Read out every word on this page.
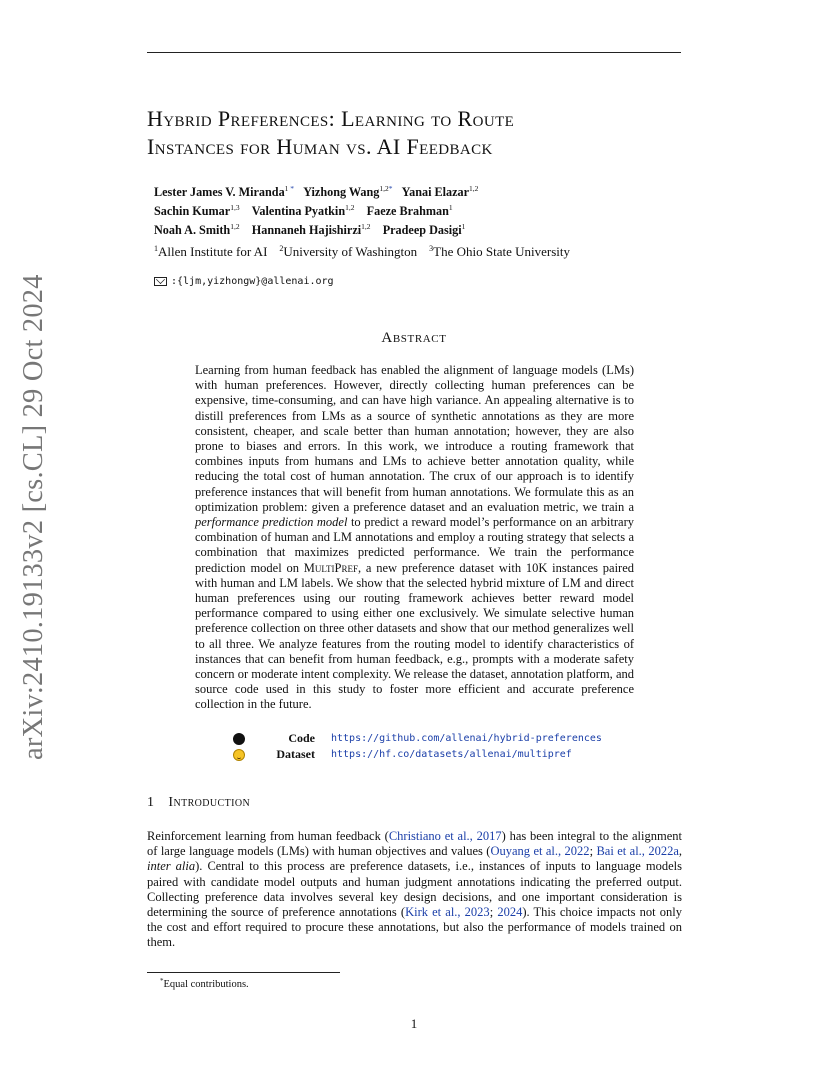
arXiv:2410.19133v2 [cs.CL] 29 Oct 2024
Hybrid Preferences: Learning to Route
Instances for Human vs. AI Feedback
Lester James V. Miranda$^1$ * Yizhong Wang$^{1,2*}$ Yanai Elazar$^{1,2}$
Sachin Kumar$^{1,3}$ Valentina Pyatkin$^{1,2}$ Faeze Brahman$^1$
Noah A. Smith$^{1,2}$ Hannaneh Hajishirzi$^{1,2}$ Pradeep Dasigi$^1$
$^1$Allen Institute for AI $^2$University of Washington $^3$The Ohio State University
:{ljm,yizhongw}@allenai.org
Abstract
Learning from human feedback has enabled the alignment of language models (LMs) with human preferences. However, directly collecting human preferences can be expensive, time-consuming, and can have high variance. An appealing alternative is to distill preferences from LMs as a source of synthetic annotations as they are more consistent, cheaper, and scale better than human annotation; however, they are also prone to biases and errors. In this work, we introduce a routing framework that combines inputs from humans and LMs to achieve better annotation quality, while reducing the total cost of human annotation. The crux of our approach is to identify preference instances that will benefit from human annotations. We formulate this as an optimization problem: given a preference dataset and an evaluation metric, we train a performance prediction model to predict a reward model’s performance on an arbitrary combination of human and LM annotations and employ a routing strategy that selects a combination that maximizes predicted performance. We train the performance prediction model on MultiPref, a new preference dataset with 10K instances paired with human and LM labels. We show that the selected hybrid mixture of LM and direct human preferences using our routing framework achieves better reward model performance compared to using either one exclusively. We simulate selective human preference collection on three other datasets and show that our method generalizes well to all three. We analyze features from the routing model to identify characteristics of instances that can benefit from human feedback, e.g., prompts with a moderate safety concern or moderate intent complexity. We release the dataset, annotation platform, and source code used in this study to foster more efficient and accurate preference collection in the future.
Code https://github.com/allenai/hybrid-preferences
Dataset https://hf.co/datasets/allenai/multipref
1 Introduction
Reinforcement learning from human feedback (Christiano et al., 2017) has been integral to the alignment of large language models (LMs) with human objectives and values (Ouyang et al., 2022; Bai et al., 2022a, inter alia). Central to this process are preference datasets, i.e., instances of inputs to language models paired with candidate model outputs and human judgment annotations indicating the preferred output. Collecting preference data involves several key design decisions, and one important consideration is determining the source of preference annotations (Kirk et al., 2023; 2024). This choice impacts not only the cost and effort required to procure these annotations, but also the performance of models trained on them.
*Equal contributions.
1
